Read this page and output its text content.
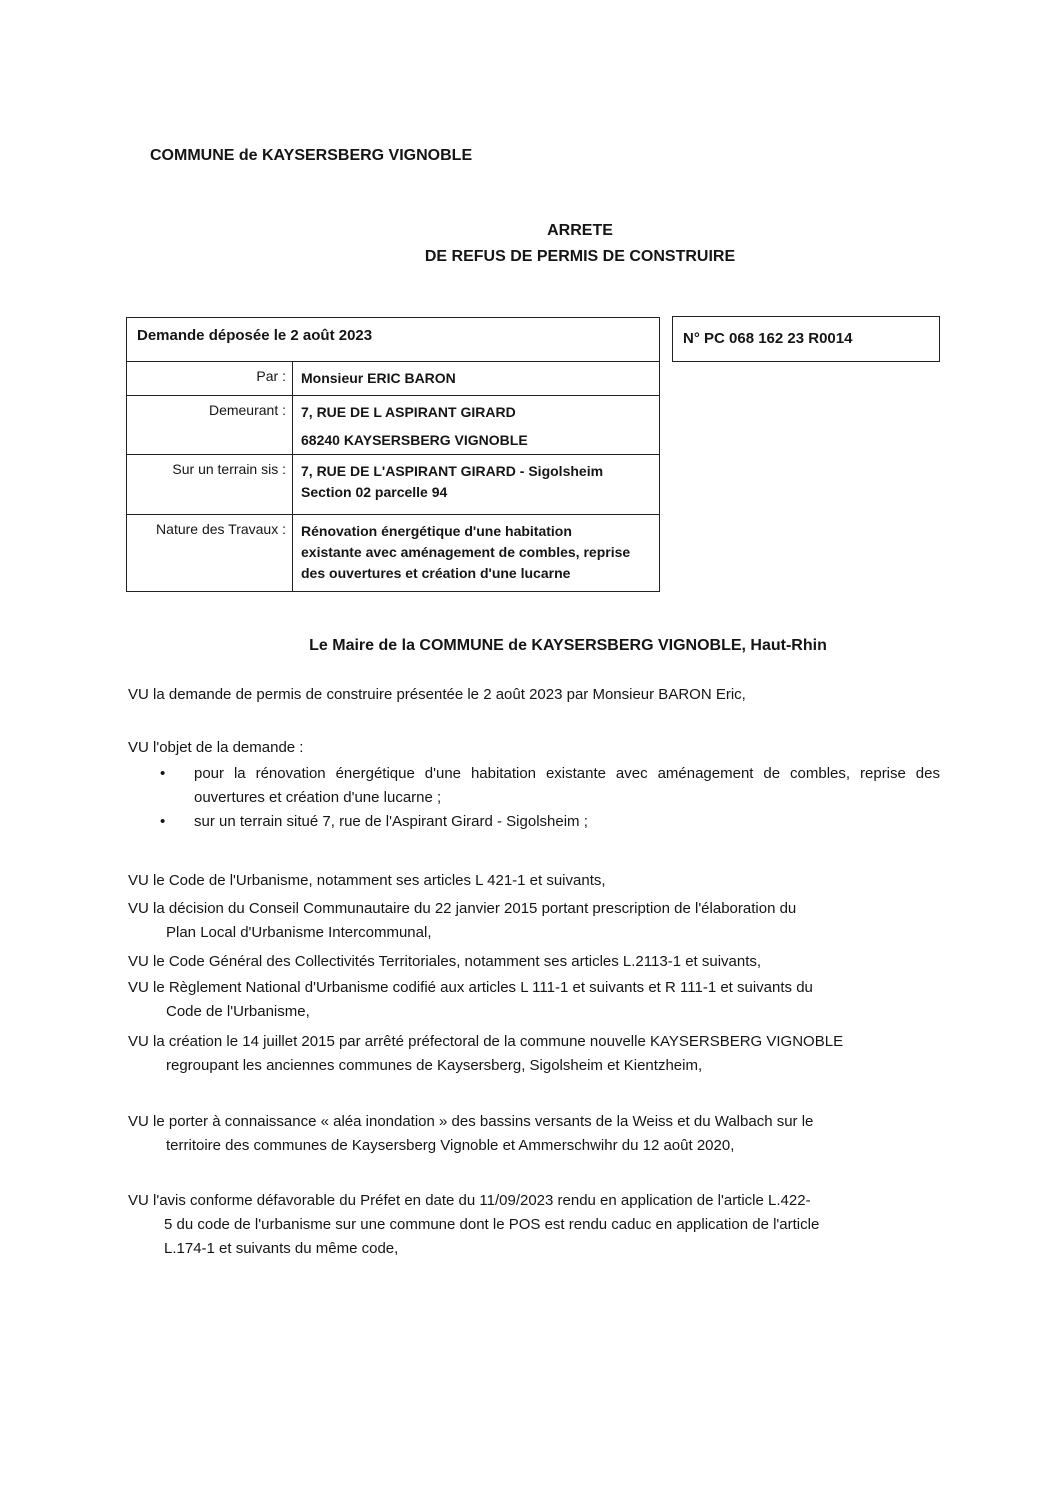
COMMUNE de KAYSERSBERG VIGNOBLE
ARRETE
DE REFUS DE PERMIS DE CONSTRUIRE
Demande déposée le 2 août 2023
Par :	Monsieur ERIC BARON
Demeurant :	7, RUE DE L ASPIRANT GIRARD
68240 KAYSERSBERG VIGNOBLE
Sur un terrain sis :	7, RUE DE L'ASPIRANT GIRARD - Sigolsheim
Section 02 parcelle 94
Nature des Travaux :	Rénovation énergétique d'une habitation
existante avec aménagement de combles, reprise
des ouvertures et création d'une lucarne
N° PC 068 162 23 R0014
Le Maire de la COMMUNE de KAYSERSBERG VIGNOBLE, Haut-Rhin
VU la demande de permis de construire présentée le 2 août 2023 par Monsieur BARON Eric,
VU l'objet de la demande :
• pour la rénovation énergétique d'une habitation existante avec aménagement de combles, reprise des ouvertures et création d'une lucarne ;
• sur un terrain situé 7, rue de l'Aspirant Girard - Sigolsheim ;
VU le Code de l'Urbanisme, notamment ses articles L 421-1 et suivants,
VU la décision du Conseil Communautaire du 22 janvier 2015 portant prescription de l'élaboration du
Plan Local d'Urbanisme Intercommunal,
VU le Code Général des Collectivités Territoriales, notamment ses articles L.2113-1 et suivants,
VU le Règlement National d'Urbanisme codifié aux articles L 111-1 et suivants et R 111-1 et suivants du
Code de l'Urbanisme,
VU la création le 14 juillet 2015 par arrêté préfectoral de la commune nouvelle KAYSERSBERG VIGNOBLE
regroupant les anciennes communes de Kaysersberg, Sigolsheim et Kientzheim,
VU le porter à connaissance « aléa inondation » des bassins versants de la Weiss et du Walbach sur le
territoire des communes de Kaysersberg Vignoble et Ammerschwihr du 12 août 2020,
VU l'avis conforme défavorable du Préfet en date du 11/09/2023 rendu en application de l'article L.422-
5 du code de l'urbanisme sur une commune dont le POS est rendu caduc en application de l'article
L.174-1 et suivants du même code,
